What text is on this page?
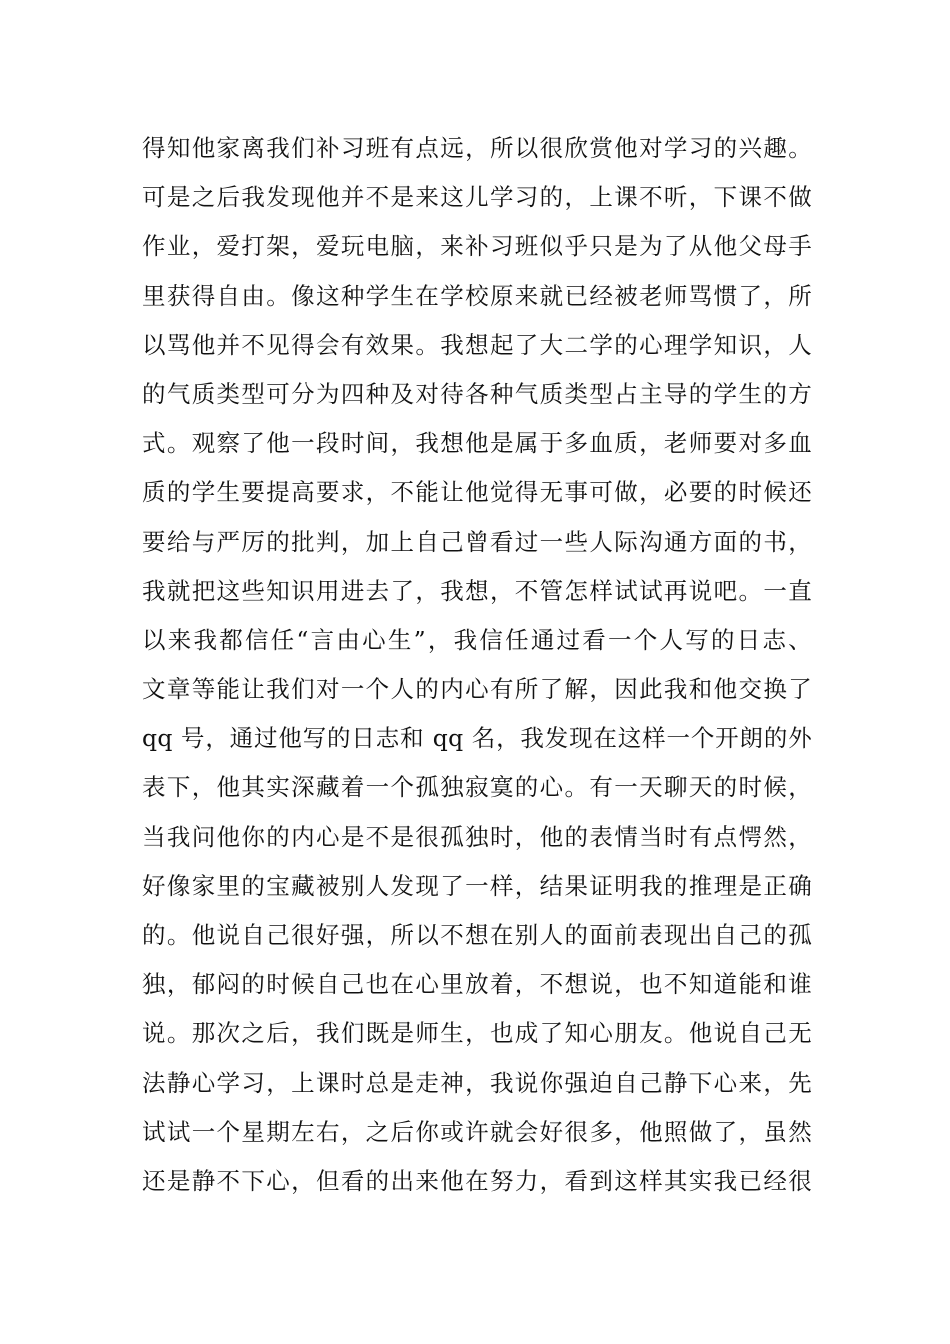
得知他家离我们补习班有点远，所以很欣赏他对学习的兴趣。
可是之后我发现他并不是来这儿学习的，上课不听，下课不做
作业，爱打架，爱玩电脑，来补习班似乎只是为了从他父母手
里获得自由。像这种学生在学校原来就已经被老师骂惯了，所
以骂他并不见得会有效果。我想起了大二学的心理学知识，人
的气质类型可分为四种及对待各种气质类型占主导的学生的方
式。观察了他一段时间，我想他是属于多血质，老师要对多血
质的学生要提高要求，不能让他觉得无事可做，必要的时候还
要给与严厉的批判，加上自己曾看过一些人际沟通方面的书，
我就把这些知识用进去了，我想，不管怎样试试再说吧。一直
以来我都信任“言由心生”，我信任通过看一个人写的日志、
文章等能让我们对一个人的内心有所了解，因此我和他交换了
qq 号，通过他写的日志和 qq 名，我发现在这样一个开朗的外
表下，他其实深藏着一个孤独寂寞的心。有一天聊天的时候，
当我问他你的内心是不是很孤独时，他的表情当时有点愕然，
好像家里的宝藏被别人发现了一样，结果证明我的推理是正确
的。他说自己很好强，所以不想在别人的面前表现出自己的孤
独，郁闷的时候自己也在心里放着，不想说，也不知道能和谁
说。那次之后，我们既是师生，也成了知心朋友。他说自己无
法静心学习，上课时总是走神，我说你强迫自己静下心来，先
试试一个星期左右，之后你或许就会好很多，他照做了，虽然
还是静不下心，但看的出来他在努力，看到这样其实我已经很
